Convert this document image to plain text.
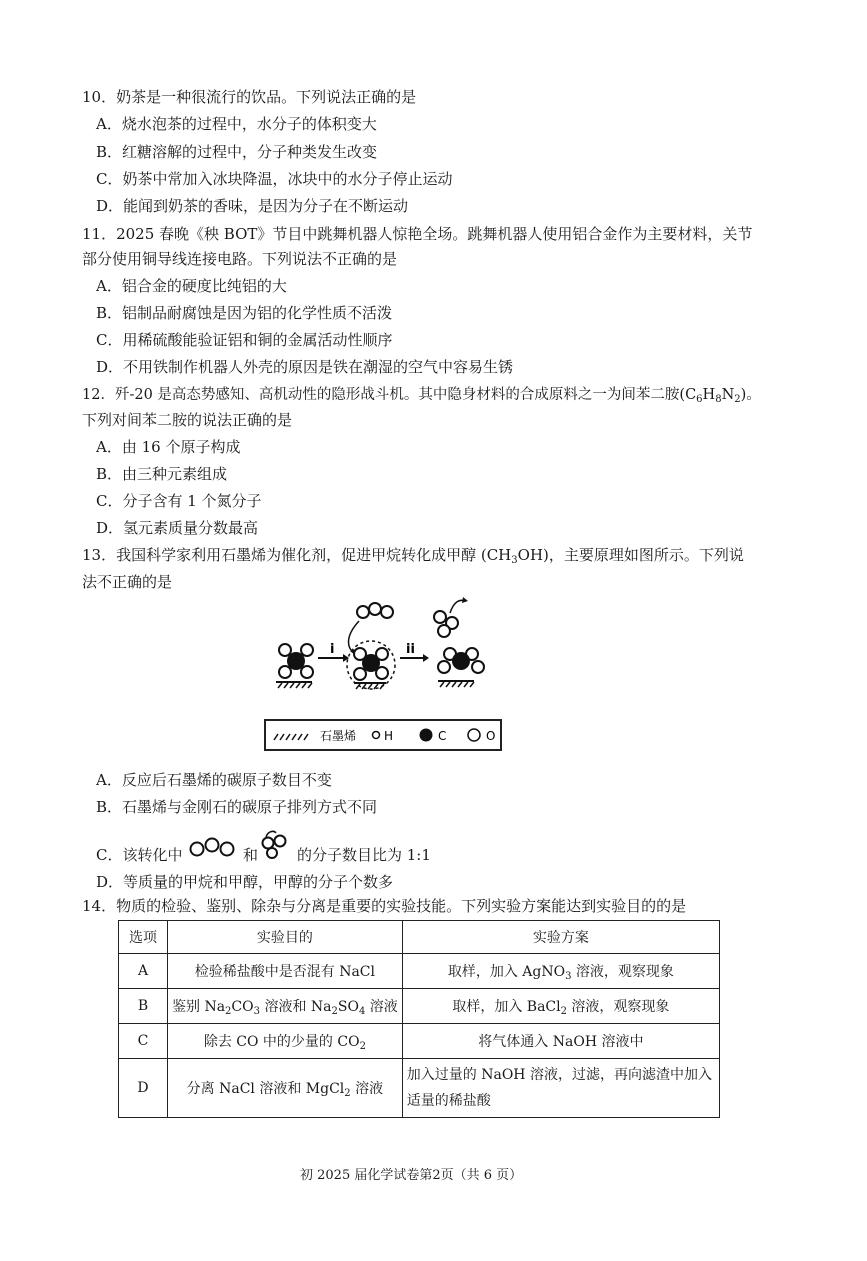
10．奶茶是一种很流行的饮品。下列说法正确的是
A．烧水泡茶的过程中，水分子的体积变大
B．红糖溶解的过程中，分子种类发生改变
C．奶茶中常加入冰块降温，冰块中的水分子停止运动
D．能闻到奶茶的香味，是因为分子在不断运动
11．2025 春晚《秧 BOT》节目中跳舞机器人惊艳全场。跳舞机器人使用铝合金作为主要材料，关节
部分使用铜导线连接电路。下列说法不正确的是
A．铝合金的硬度比纯铝的大
B．铝制品耐腐蚀是因为铝的化学性质不活泼
C．用稀硫酸能验证铝和铜的金属活动性顺序
D．不用铁制作机器人外壳的原因是铁在潮湿的空气中容易生锈
12．歼-20 是高态势感知、高机动性的隐形战斗机。其中隐身材料的合成原料之一为间苯二胺$(C_6H_8N_2)$。
下列对间苯二胺的说法正确的是
A．由 16 个原子构成
B．由三种元素组成
C．分子含有 1 个氮分子
D．氢元素质量分数最高
13．我国科学家利用石墨烯为催化剂，促进甲烷转化成甲醇 $(CH_3OH)$，主要原理如图所示。下列说
法不正确的是
i	ii
石墨烯 H	C	O
A．反应后石墨烯的碳原子数目不变
B．石墨烯与金刚石的碳原子排列方式不同
C．该转化中	和	的分子数目比为 1:1
D．等质量的甲烷和甲醇，甲醇的分子个数多
14．物质的检验、鉴别、除杂与分离是重要的实验技能。下列实验方案能达到实验目的的是
选项	实验目的	实验方案
A	检验稀盐酸中是否混有 NaCl	取样，加入 AgNO$_3$ 溶液，观察现象
B	鉴别 $Na_2CO_3$ 溶液和 $Na_2SO_4$ 溶液	取样，加入 BaCl$_2$ 溶液，观察现象
C	除去 CO 中的少量的 $CO_2$	将气体通入 NaOH 溶液中
D	分离 NaCl 溶液和 MgCl$_2$ 溶液	加入过量的 NaOH 溶液，过滤，再向滤渣中加入适量的稀盐酸
初 2025 届化学试卷第2页（共 6 页）
